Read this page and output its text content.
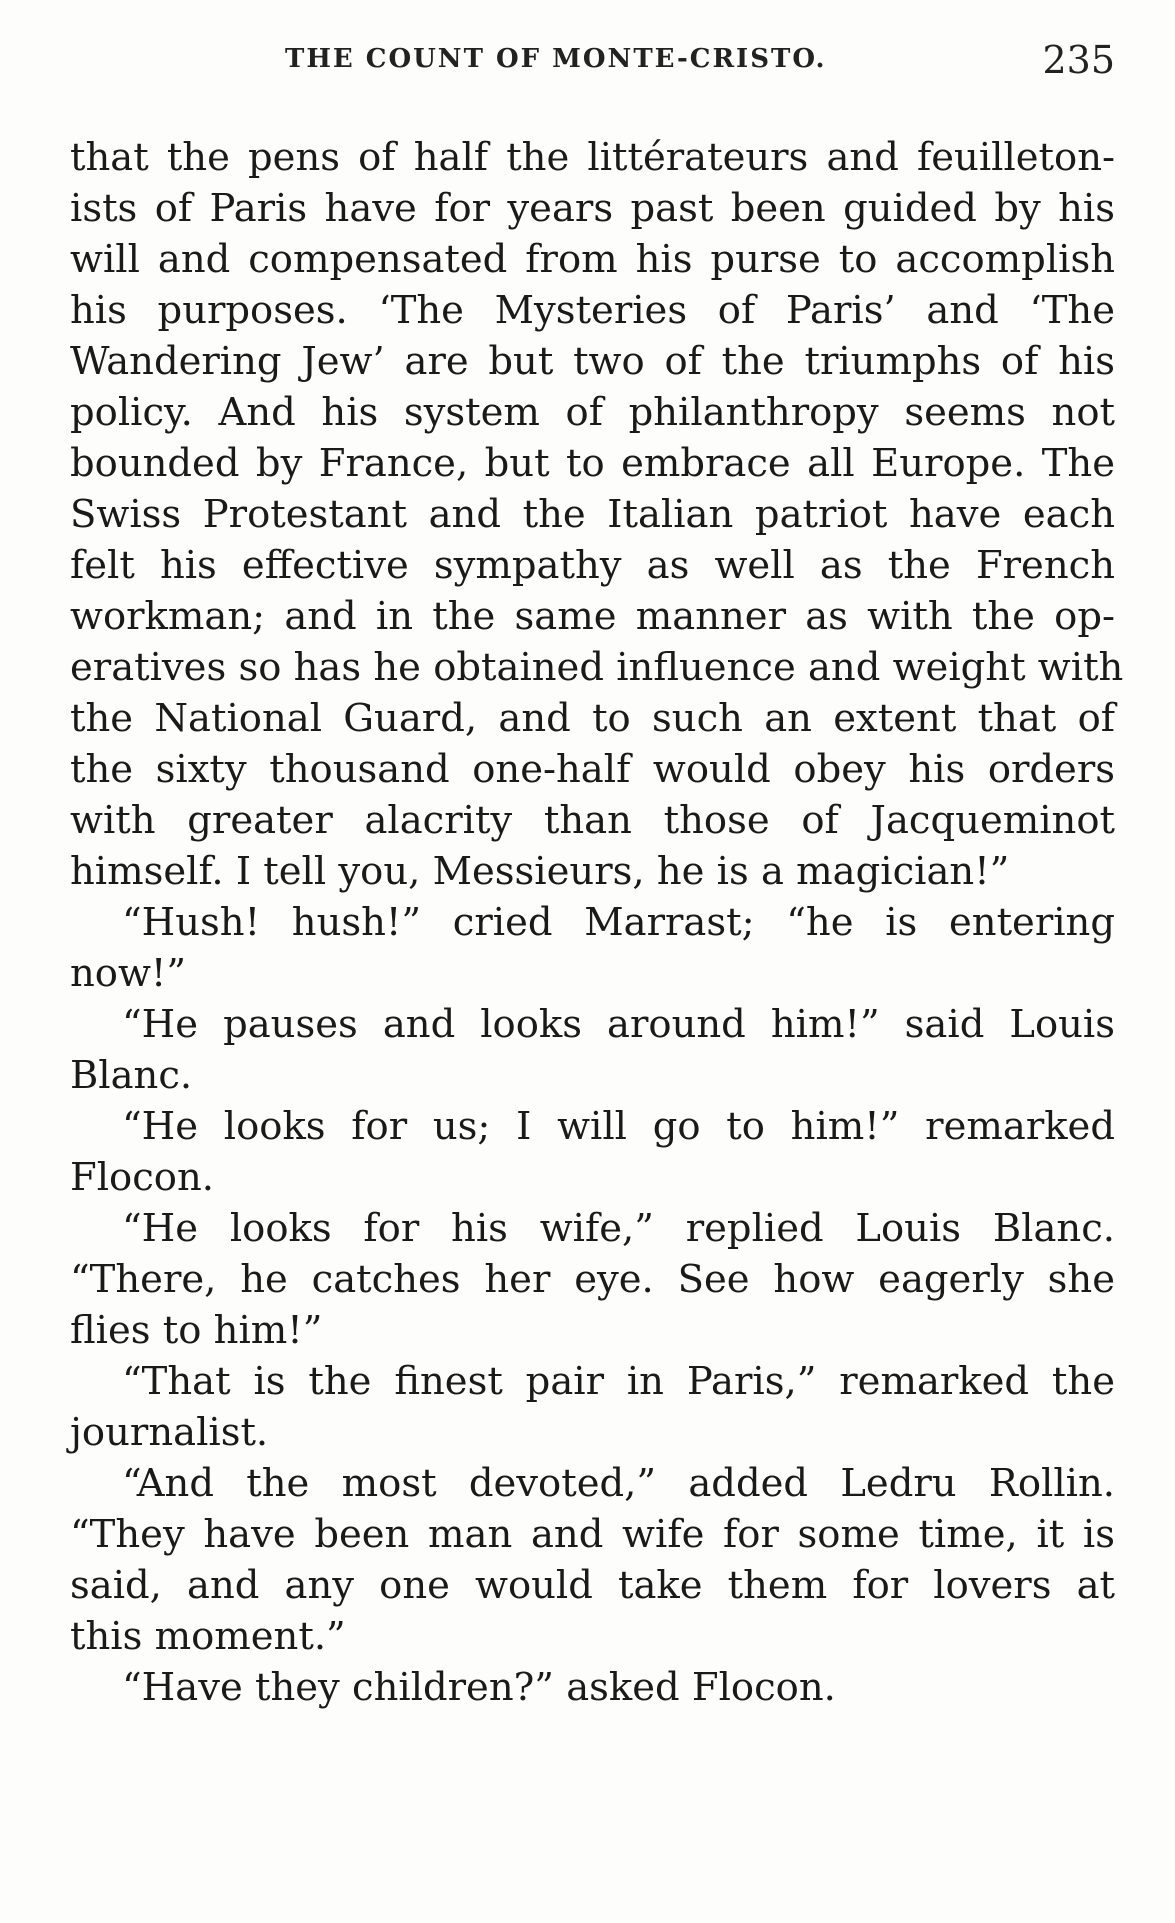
THE COUNT OF MONTE-CRISTO.	235
that the pens of half the littérateurs and feuilleton-
ists of Paris have for years past been guided by his
will and compensated from his purse to accomplish
his purposes. ‘The Mysteries of Paris’ and ‘The
Wandering Jew’ are but two of the triumphs of his
policy. And his system of philanthropy seems not
bounded by France, but to embrace all Europe. The
Swiss Protestant and the Italian patriot have each
felt his effective sympathy as well as the French
workman; and in the same manner as with the op-
eratives so has he obtained influence and weight with
the National Guard, and to such an extent that of
the sixty thousand one-half would obey his orders
with greater alacrity than those of Jacqueminot
himself. I tell you, Messieurs, he is a magician!”
“Hush! hush!” cried Marrast; “he is entering
now!”
“He pauses and looks around him!” said Louis
Blanc.
“He looks for us; I will go to him!” remarked
Flocon.
“He looks for his wife,” replied Louis Blanc.
“There, he catches her eye. See how eagerly she
flies to him!”
“That is the finest pair in Paris,” remarked the
journalist.
“And the most devoted,” added Ledru Rollin.
“They have been man and wife for some time, it is
said, and any one would take them for lovers at
this moment.”
“Have they children?” asked Flocon.
